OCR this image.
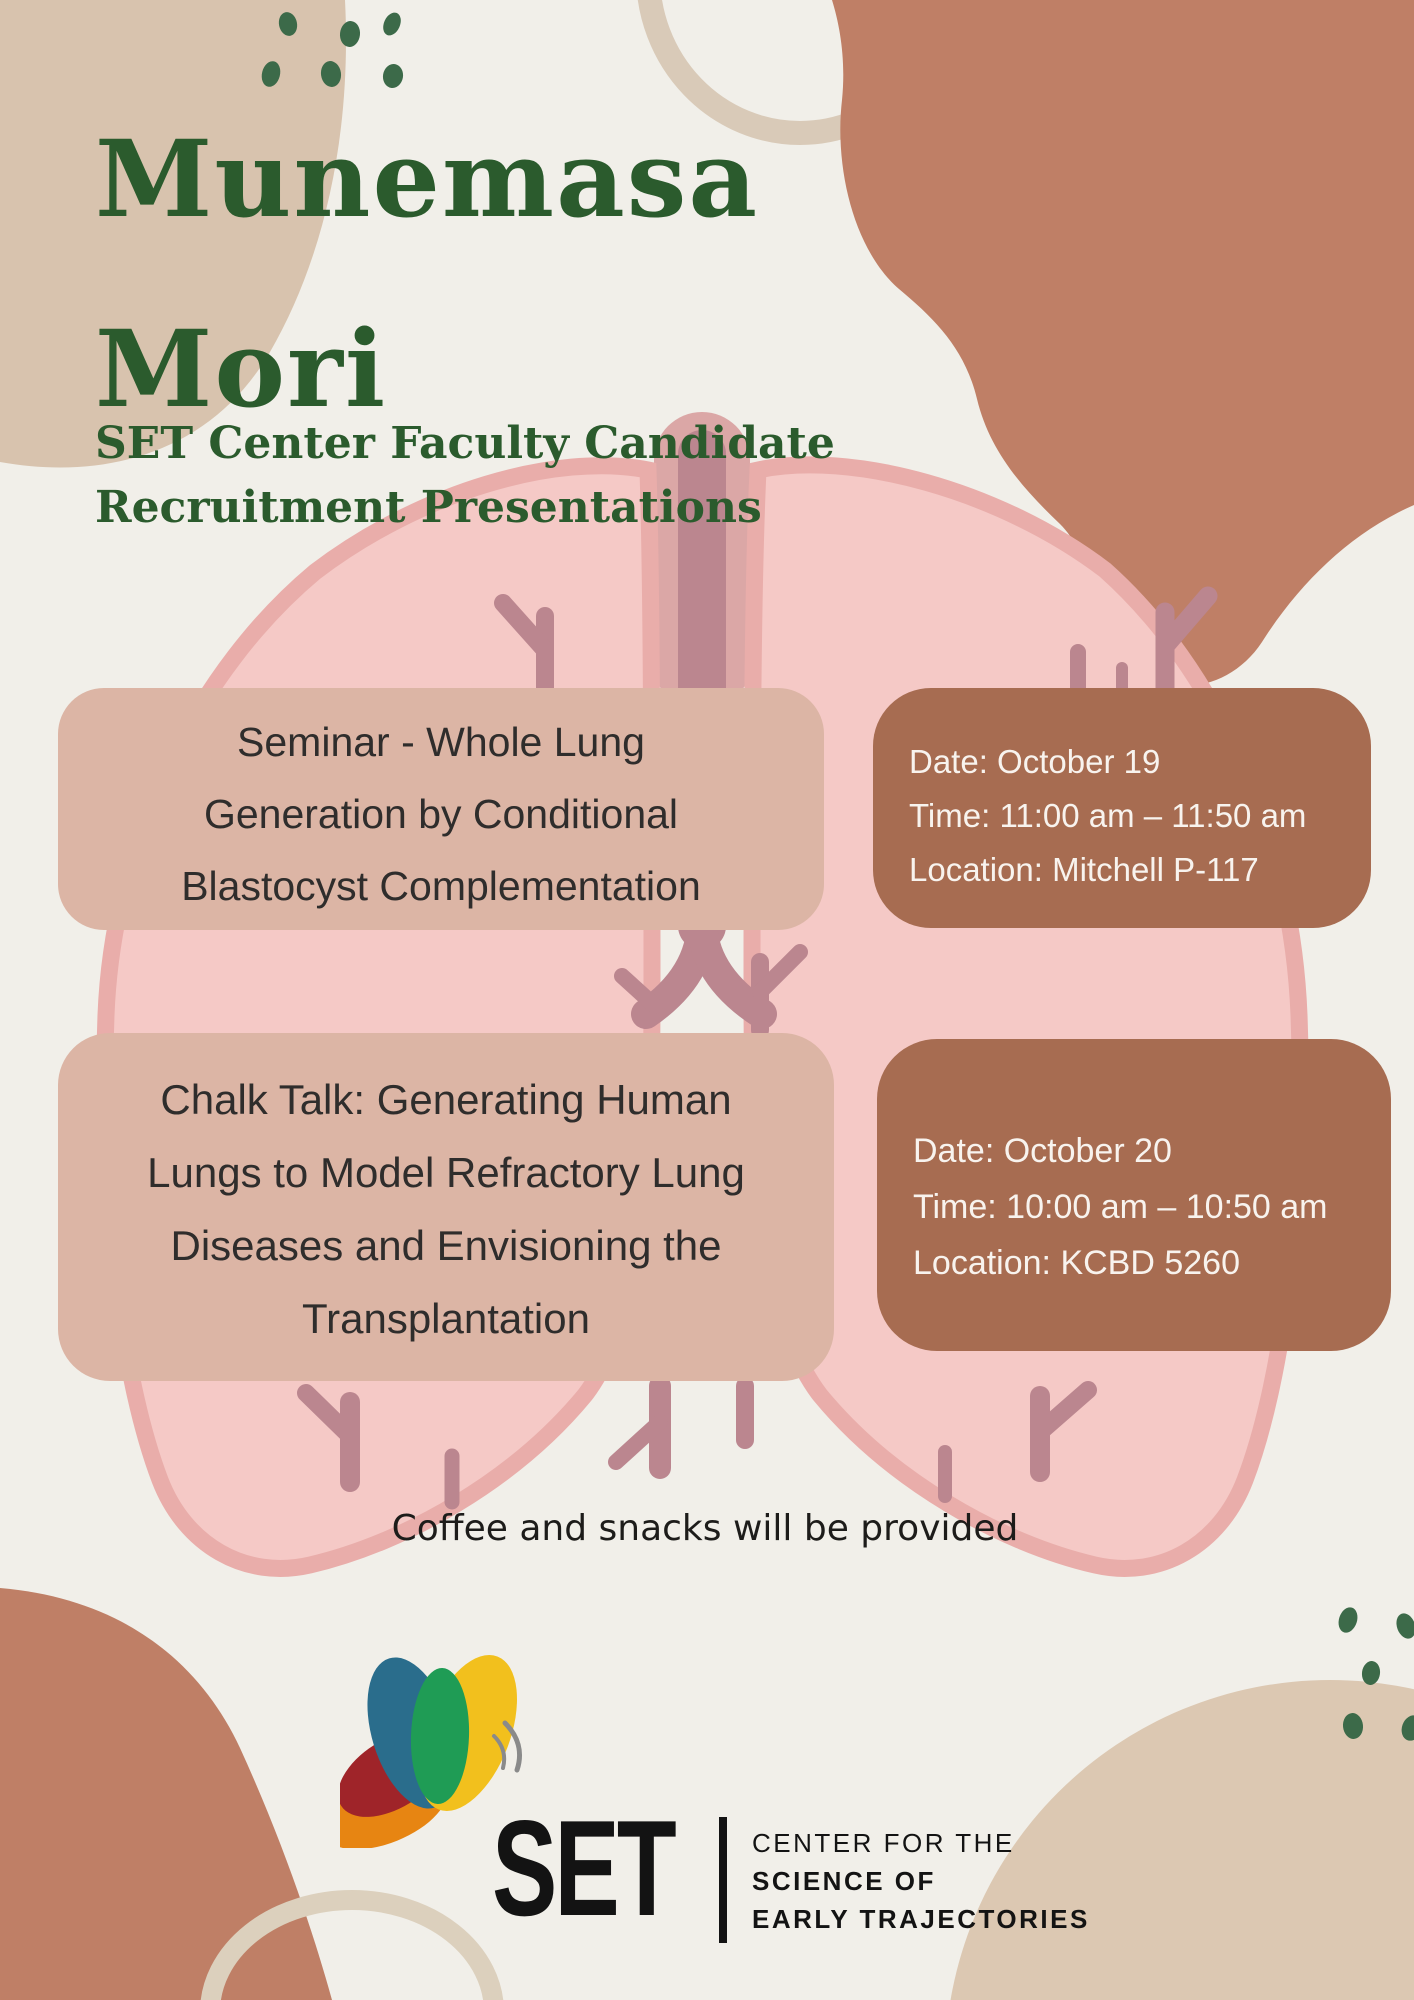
Munemasa
Mori
SET Center Faculty Candidate
Recruitment Presentations
Seminar - Whole Lung
Generation by Conditional
Blastocyst Complementation
Date: October 19
Time: 11:00 am – 11:50 am
Location: Mitchell P-117
Chalk Talk: Generating Human
Lungs to Model Refractory Lung
Diseases and Envisioning the
Transplantation
Date: October 20
Time: 10:00 am – 10:50 am
Location: KCBD 5260
Coffee and snacks will be provided
SET	CENTER FOR THE
SCIENCE OF
EARLY TRAJECTORIES
